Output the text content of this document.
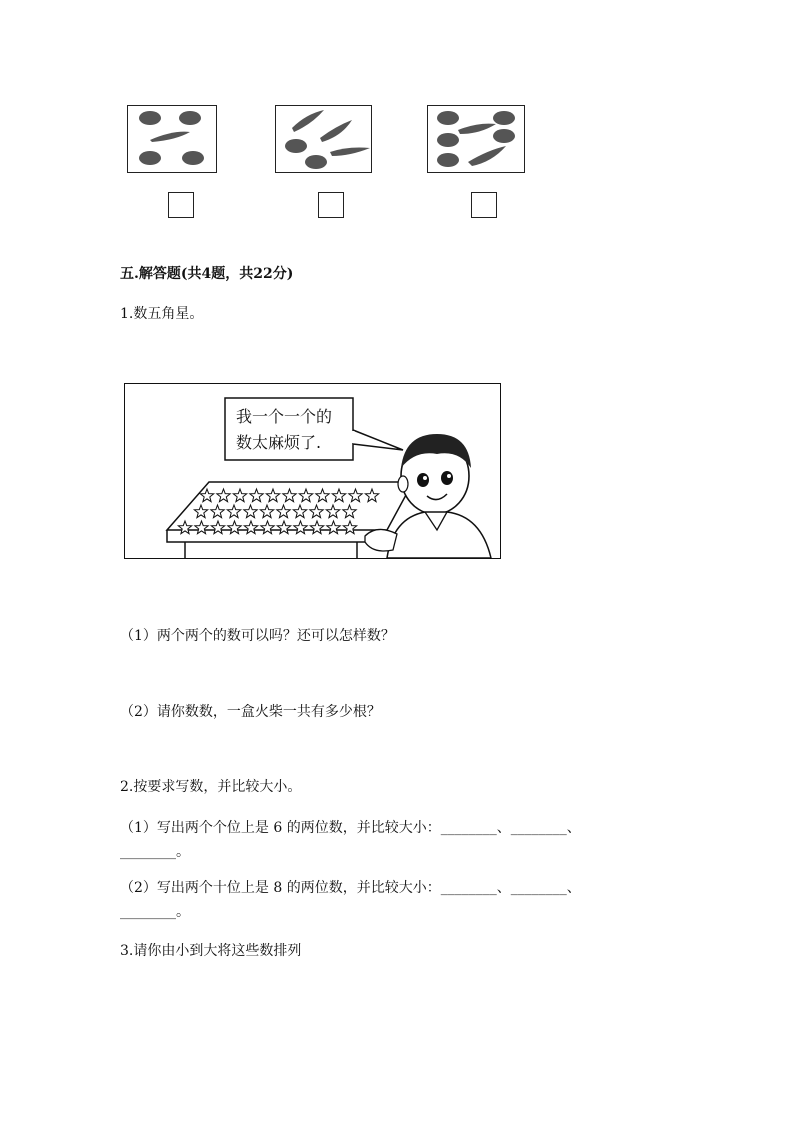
五.解答题(共4题，共22分)
1.数五角星。
我一个一个的
数太麻烦了.
（1）两个两个的数可以吗？还可以怎样数？
（2）请你数数，一盒火柴一共有多少根？
2.按要求写数，并比较大小。
（1）写出两个个位上是 6 的两位数，并比较大小：________、________、
________。
（2）写出两个十位上是 8 的两位数，并比较大小：________、________、
________。
3.请你由小到大将这些数排列
